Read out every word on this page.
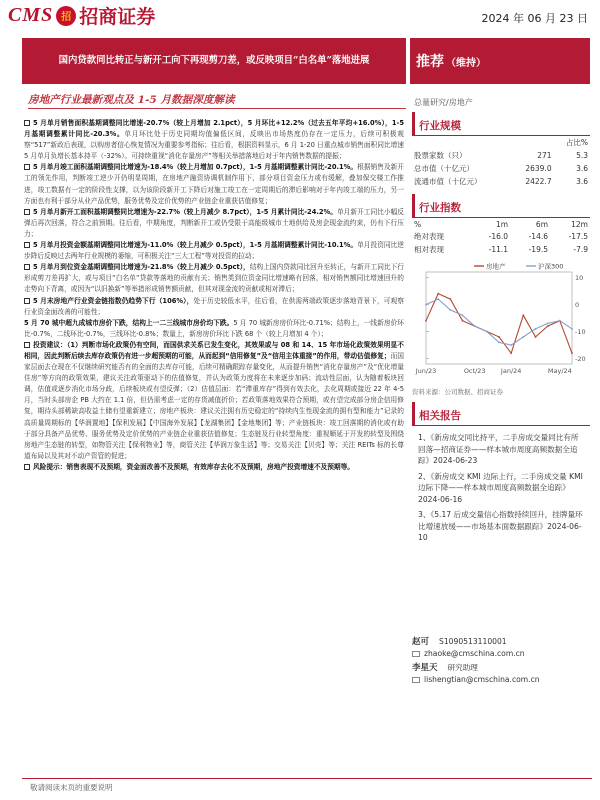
CMS 招 招商证券	2024 年 06 月 23 日
国内贷款同比转正与新开工向下再现剪刀差，或反映项目“白名单”落地进展	推荐 （维持）
房地产行业最新观点及 1-5 月数据深度解读	总量研究/房地产

5 月单月销售面积基期调整同比增速-20.7%（较上月增加 2.1pct），5 月环比+12.2%（过去五年平均+16.0%），1-5 月基期调整累计同比-20.3%。单月环比处于历史同期均值偏低区间，反映出市场热度仍存在一定压力，后续可积极观察“517”新政后表现，以购房者信心恢复情况为重要参考指标；往后看，根据资料显示，6 月 1-20 日重点城市销售面积同比增速 5 月单月负增长基本持平（-32%）。可持续重视“消化存量房产”等相关举措落地后对于年内销售数据的提振；

5 月单月竣工面积基期调整同比增速为-18.4%（较上月增加 0.7pct），1-5 月基期调整累计同比-20.1%。根据销售及新开工的领先作用，判断竣工逆少开仍明显周期，在房地产融资协调机制作用下，部分项目资金压力或有缓解，叠加保交楼工作推进，竣工数据有一定的阶段性支撑，以为该阶段新开工下降后对施工竣工在一定周期后的滞后影响对于年内竣工端的压力，另一方面也有利于部分从业产品优势，服务优势及定价优势的产业链企业重获估值修复；

5 月单月新开工面积基期调整同比增速为-22.7%（较上月减少 8.7pct），1-5 月累计同比-24.2%。单月新开工同比小幅反弹后再次回落，符合之前预期。往后看，中期角度，判断新开工或仍受限于高能级城市土地供给及房企现金流约束，仍有下行压力；

5 月单月投资金额基期调整同比增速为-11.0%（较上月减少 0.5pct），1-5 月基期调整累计同比-10.1%。单月投资同比逆步降后反映过去两年行业规模的萎缩，可积极关注“三大工程”等对投资的拉动；

5 月单月到位资金基期调整同比增速为-21.8%（较上月减少 0.5pct），结构上国内贷款同比回升至转正，与新开工同比下行形成剪刀差再扩大，或与项目“白名单”贷款等落地的贡献有关；销售类到位资金同比增速略有回落，相对销售额同比增速回升的走势向下背离，或因为“以旧换新”等举措形成销售额贡献，但其对现金流的贡献或相对滞后；

5 月末房地产行业资金链指数仍趋势下行（106%），处于历史较低水平，往后看，在供需两端政策逐步落地背景下，可观察行业资金面改善的可能性；

5 月 70 城中超九成城市房价下跌，结构上一二三线城市房价均下跌。5 月 70 城新房房价环比-0.71%；结构上，一线新房价环比-0.7%，二线环比-0.7%，三线环比-0.8%；数量上，新房房价环比下跌 68 个（较上月增加 4 个）；

投资建议：（1）判断市场化政策仍有空间，而国供求关系已发生变化，其效果或与 08 和 14、15 年市场化政策效果明显不相同，因此判断后续去库存政策仍有进一步超预期的可能，从而起到“信用修复”及“信用主体重接”的作用，带动估值修复；而国家层面去仓现在不仅继续研究能否有的全面的去库存可能，后续可精确跟踪存量变化，从而提升销售“消化存量房产”及“优化增量住房”等方向的政策效果，建议关注政策驱动下的估值修复，并认为政策力度将在未来逐步加码；流动性层面，认为随着板块回调，估值或逐步消化市场分歧，后续板块或有望反弹；（2）估值层面：若“滞重库存”得到有效去化，去化周期或接近 22 年 4-5 月，当时头部房企 PB 大约在 1.1 倍，但仍需考虑一定的存货减值折价；若政策落地效果符合预期，或有望完成部分房企信用修复，期待头部稀缺高收益土储有望重新建立；房地产板块：建议关注拥有历史稳定的“持续内生性现金流的拥有型和能力”记录的高质量周期标的【华润置地】【保利发展】【中国海外发展】【龙湖集团】【金地集团】等；产业链板块：竣工回落期的消化或有助于部分具备产品优势、服务优势及定价优势的产业链企业重获估值修复；生态链及行业转型角度：重视顺延于开发的转型及围绕房地产生态链的转型，如物管关注【保利物业】等，商管关注【华润万象生活】等；交易关注【贝壳】等；关注 REITs 标的长尊道布局以及其对不动产资管的促进；

风险提示：销售表现不及预期，资金面改善不及预期，有效库存去化不及预期，房地产投资增速不及预期等。

行业规模
		占比%
股票家数（只）	271	5.3
总市值（十亿元）	2639.0	3.6
流通市值（十亿元）	2422.7	3.6
行业指数
%	1m	6m	12m
绝对表现	-16.0	-14.6	-17.5
相对表现	-11.1	-19.5	-7.9
10
0
-10
-20
Jun/23	Oct/23 Jan/24	May/24
房地产	沪深300
资料来源：公司数据、招商证券
相关报告
1、《新房成交同比持平，二手房成交量同比有所回落—招商证券——样本城市周度高频数据全追踪》2024-06-23
2、《新房成交 KMI 边际上行，二手房成交量 KMI 边际下降——样本城市周度高频数据全追踪》2024-06-16
3、《5.17 后成交量信心指数持续回升，挂牌量环比增速放缓——市场基本面数据跟踪》2024-06-10
赵可 S1090513110001
zhaoke@cmschina.com.cn
李星天 研究助理
lishengtian@cmschina.com.cn
敬请阅读末页的重要说明
